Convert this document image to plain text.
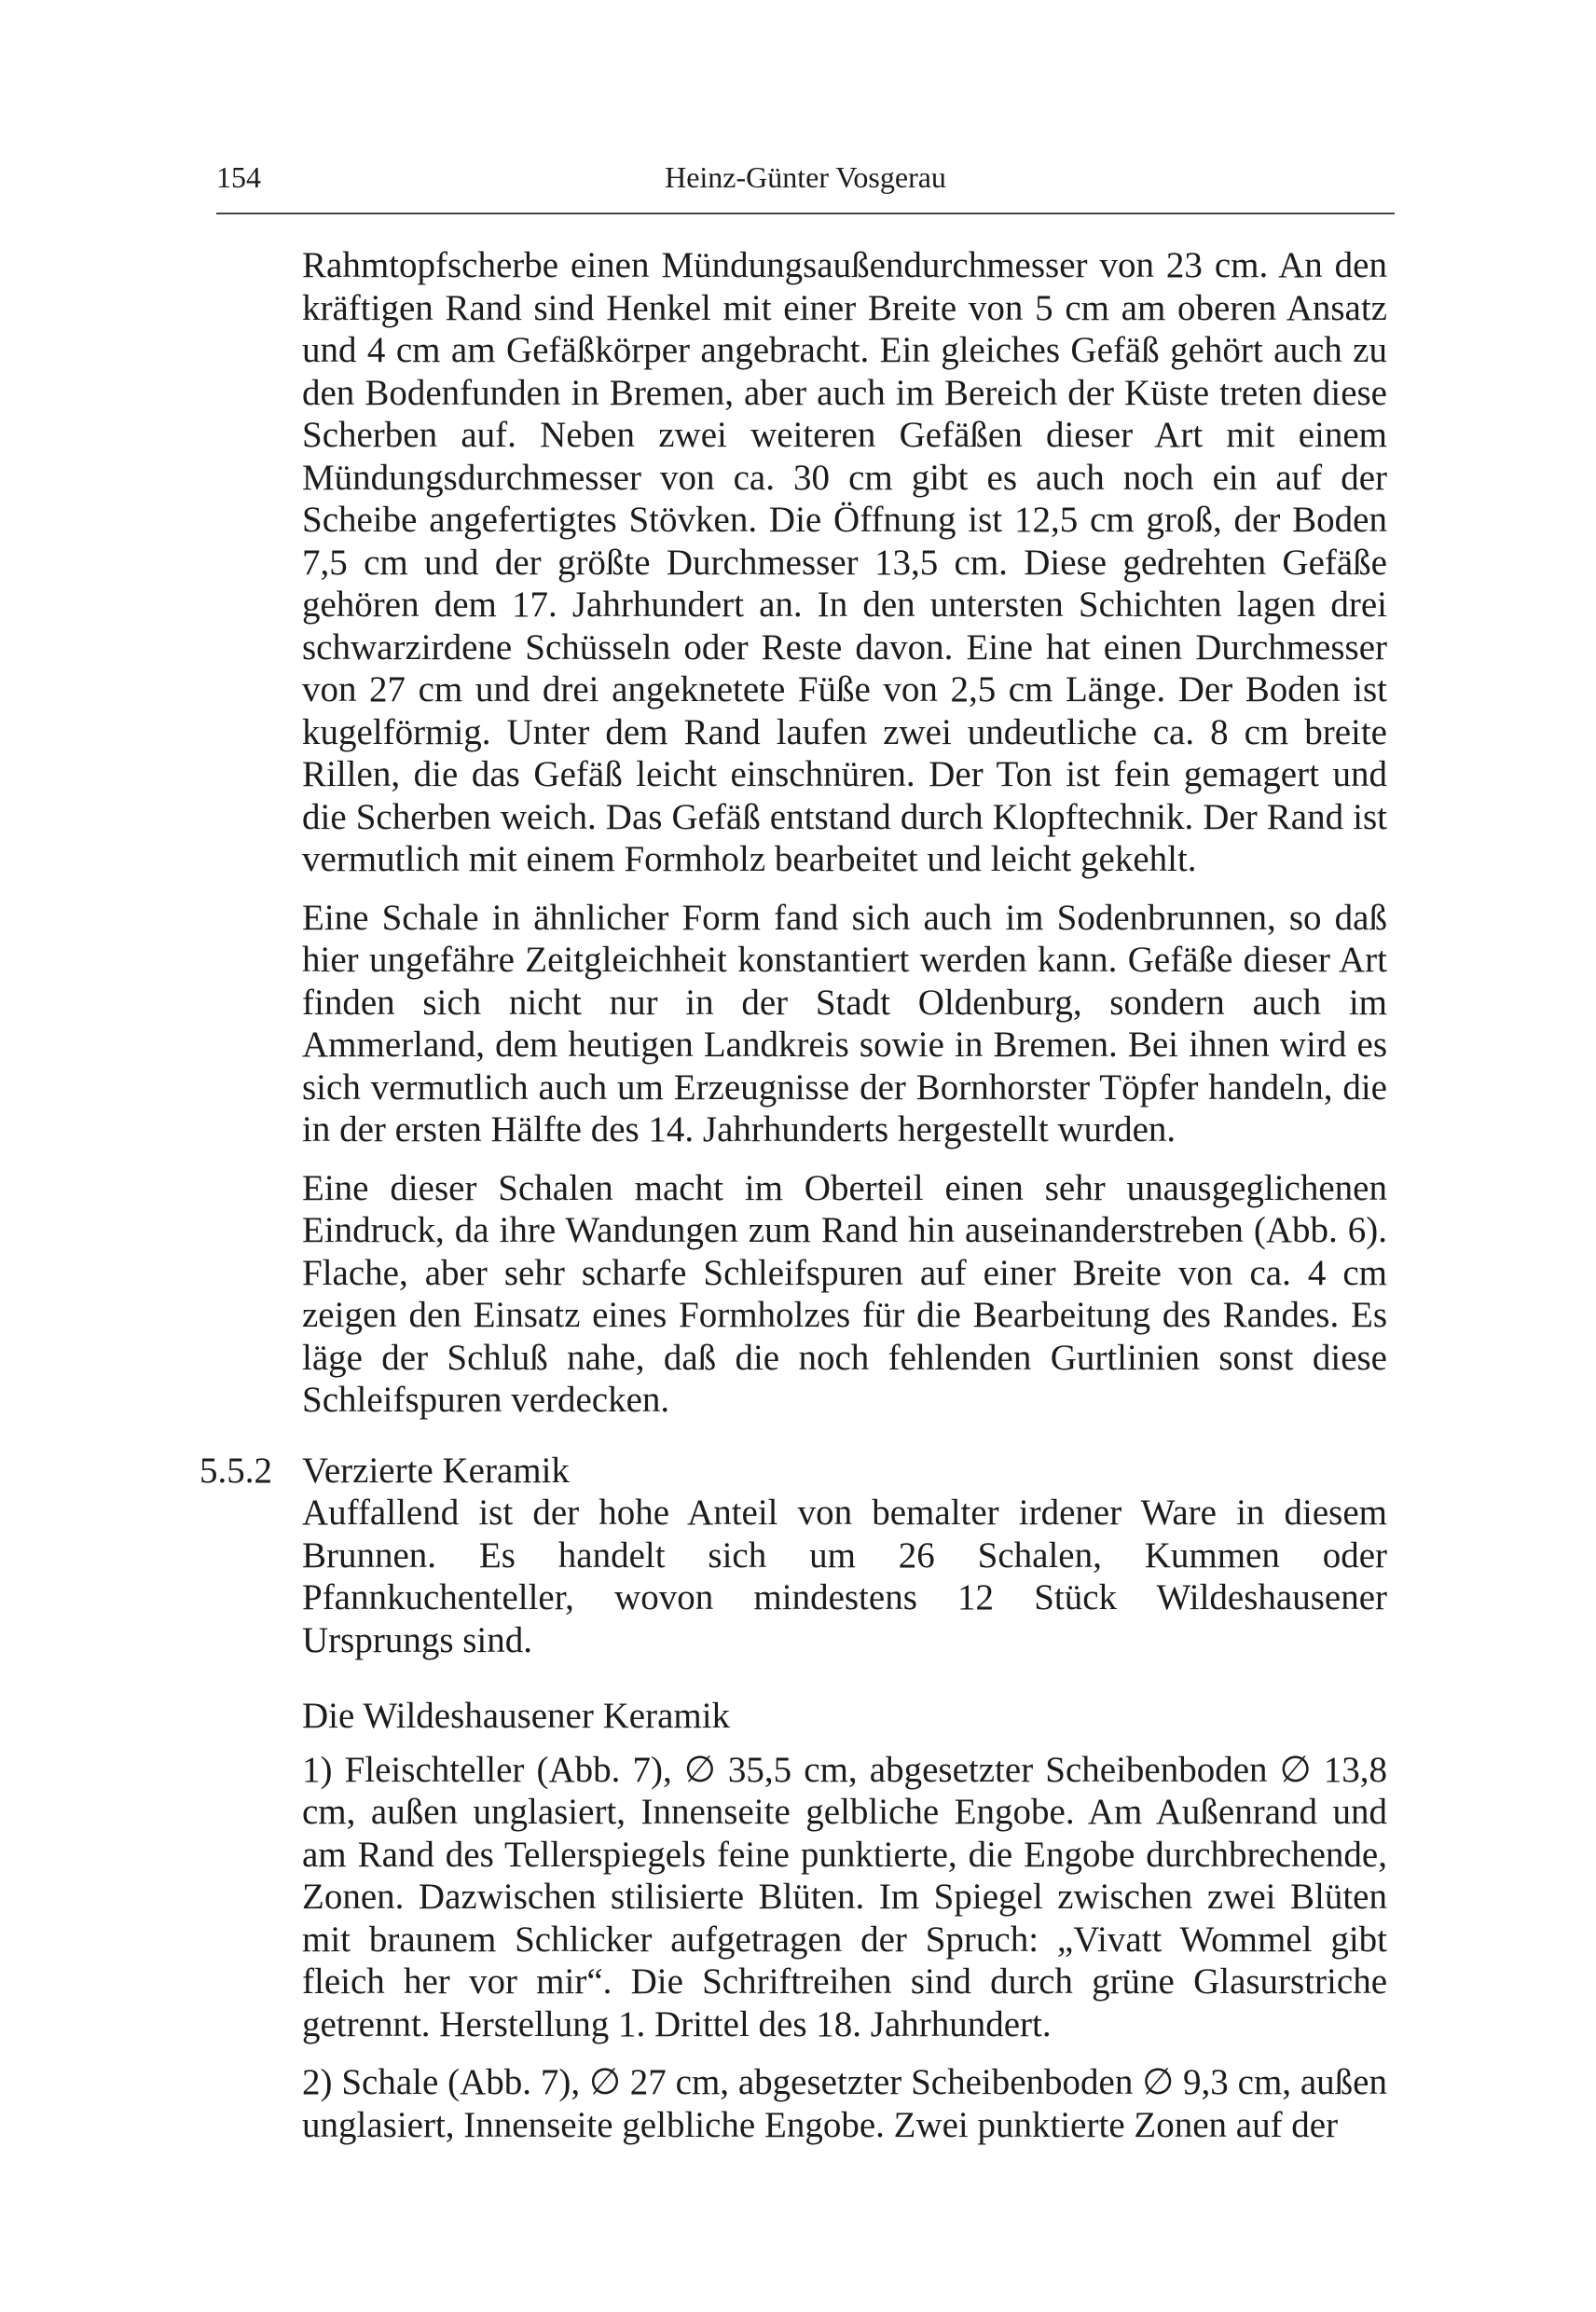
154	Heinz-Günter Vosgerau

Rahmtopfscherbe einen Mündungsaußendurchmesser von 23 cm. An den kräftigen Rand sind Henkel mit einer Breite von 5 cm am oberen Ansatz und 4 cm am Gefäßkörper angebracht. Ein gleiches Gefäß gehört auch zu den Bodenfunden in Bremen, aber auch im Bereich der Küste treten diese Scherben auf. Neben zwei weiteren Gefäßen dieser Art mit einem Mündungsdurchmesser von ca. 30 cm gibt es auch noch ein auf der Scheibe angefertigtes Stövken. Die Öffnung ist 12,5 cm groß, der Boden 7,5 cm und der größte Durchmesser 13,5 cm. Diese gedrehten Gefäße gehören dem 17. Jahrhundert an. In den untersten Schichten lagen drei schwarzirdene Schüsseln oder Reste davon. Eine hat einen Durchmesser von 27 cm und drei angeknetete Füße von 2,5 cm Länge. Der Boden ist kugelförmig. Unter dem Rand laufen zwei undeutliche ca. 8 cm breite Rillen, die das Gefäß leicht einschnüren. Der Ton ist fein gemagert und die Scherben weich. Das Gefäß entstand durch Klopftechnik. Der Rand ist vermutlich mit einem Formholz bearbeitet und leicht gekehlt.

Eine Schale in ähnlicher Form fand sich auch im Sodenbrunnen, so daß hier ungefähre Zeitgleichheit konstantiert werden kann. Gefäße dieser Art finden sich nicht nur in der Stadt Oldenburg, sondern auch im Ammerland, dem heutigen Landkreis sowie in Bremen. Bei ihnen wird es sich vermutlich auch um Erzeugnisse der Bornhorster Töpfer handeln, die in der ersten Hälfte des 14. Jahrhunderts hergestellt wurden.

Eine dieser Schalen macht im Oberteil einen sehr unausgeglichenen Eindruck, da ihre Wandungen zum Rand hin auseinanderstreben (Abb. 6). Flache, aber sehr scharfe Schleifspuren auf einer Breite von ca. 4 cm zeigen den Einsatz eines Formholzes für die Bearbeitung des Randes. Es läge der Schluß nahe, daß die noch fehlenden Gurtlinien sonst diese Schleifspuren verdecken.

5.5.2 Verzierte Keramik

Auffallend ist der hohe Anteil von bemalter irdener Ware in diesem Brunnen. Es handelt sich um 26 Schalen, Kummen oder Pfannkuchenteller, wovon mindestens 12 Stück Wildeshausener Ursprungs sind.

Die Wildeshausener Keramik

1) Fleischteller (Abb. 7), ∅ 35,5 cm, abgesetzter Scheibenboden ∅ 13,8 cm, außen unglasiert, Innenseite gelbliche Engobe. Am Außenrand und am Rand des Tellerspiegels feine punktierte, die Engobe durchbrechende, Zonen. Dazwischen stilisierte Blüten. Im Spiegel zwischen zwei Blüten mit braunem Schlicker aufgetragen der Spruch: „Vivatt Wommel gibt fleich her vor mir“. Die Schriftreihen sind durch grüne Glasurstriche getrennt. Herstellung 1. Drittel des 18. Jahrhundert.

2) Schale (Abb. 7), ∅ 27 cm, abgesetzter Scheibenboden ∅ 9,3 cm, außen unglasiert, Innenseite gelbliche Engobe. Zwei punktierte Zonen auf der
